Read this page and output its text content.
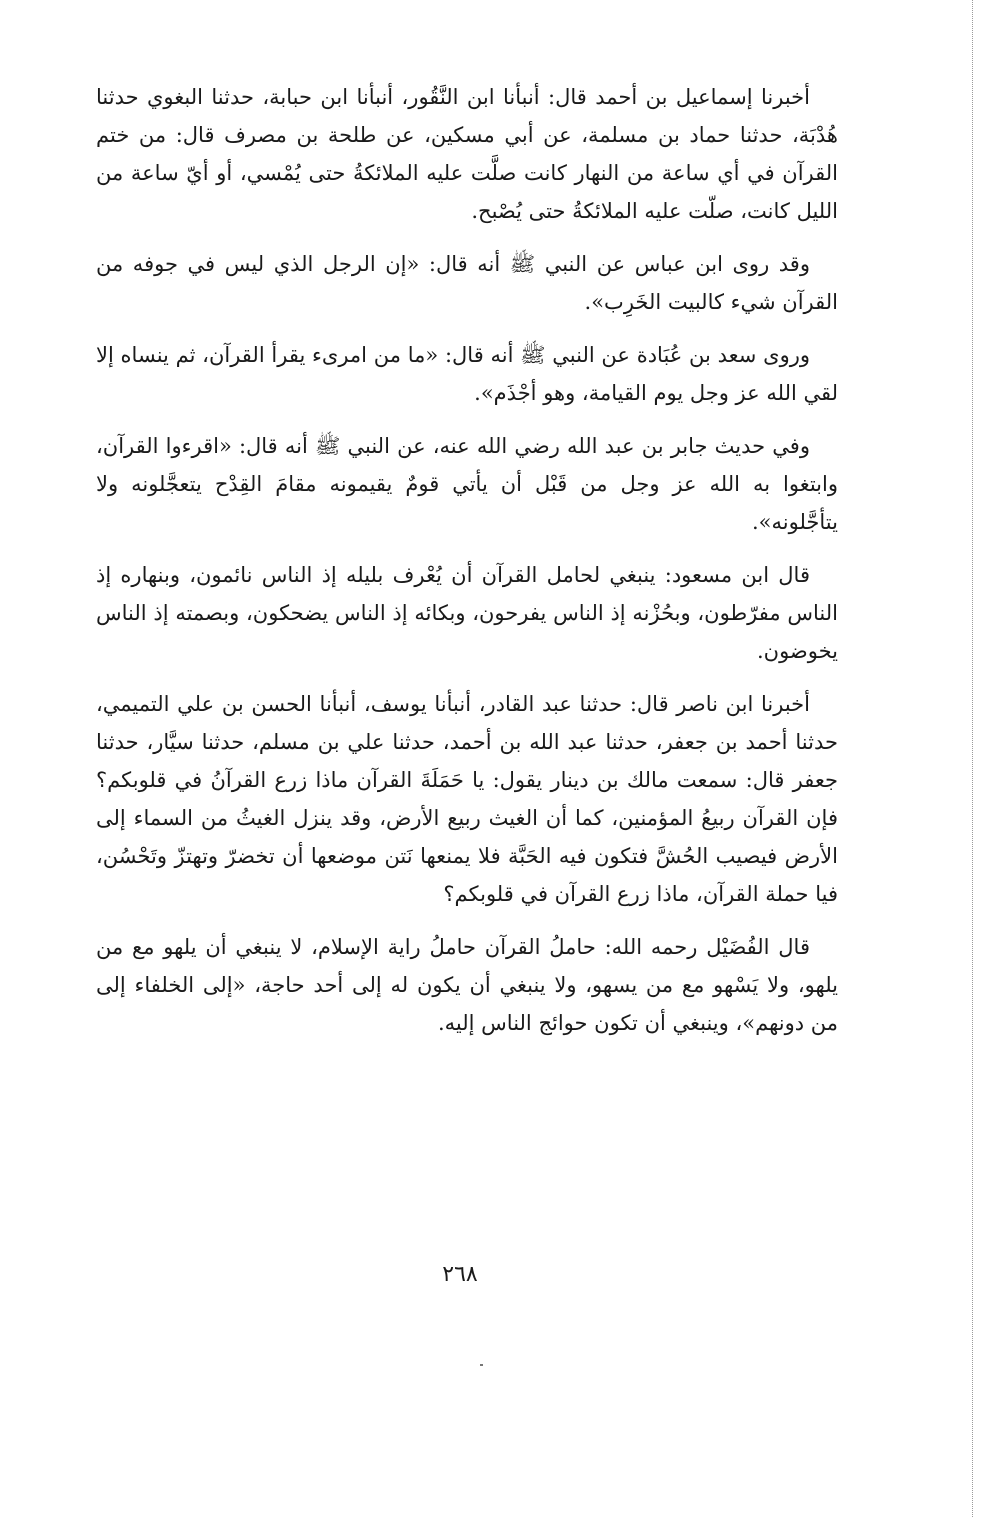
أخبرنا إسماعيل بن أحمد قال: أنبأنا ابن النَّقُور، أنبأنا ابن حبابة، حدثنا البغوي حدثنا هُدْبَة، حدثنا حماد بن مسلمة، عن أبي مسكين، عن طلحة بن مصرف قال: من ختم القرآن في أي ساعة من النهار كانت صلَّت عليه الملائكةُ حتى يُمْسي، أو أيّ ساعة من الليل كانت، صلّت عليه الملائكةُ حتى يُصْبح.

وقد روى ابن عباس عن النبي ﷺ أنه قال: «إن الرجل الذي ليس في جوفه من القرآن شيء كالبيت الخَرِب».

وروى سعد بن عُبَادة عن النبي ﷺ أنه قال: «ما من امرىء يقرأ القرآن، ثم ينساه إلا لقي الله عز وجل يوم القيامة، وهو أجْذَم».

وفي حديث جابر بن عبد الله رضي الله عنه، عن النبي ﷺ أنه قال: «اقرءوا القرآن، وابتغوا به الله عز وجل من قَبْل أن يأتي قومٌ يقيمونه مقامَ القِدْح يتعجَّلونه ولا يتأجَّلونه».

قال ابن مسعود: ينبغي لحامل القرآن أن يُعْرف بليله إذ الناس نائمون، وبنهاره إذ الناس مفرّطون، وبحُزْنه إذ الناس يفرحون، وبكائه إذ الناس يضحكون، وبصمته إذ الناس يخوضون.

أخبرنا ابن ناصر قال: حدثنا عبد القادر، أنبأنا يوسف، أنبأنا الحسن بن علي التميمي، حدثنا أحمد بن جعفر، حدثنا عبد الله بن أحمد، حدثنا علي بن مسلم، حدثنا سيَّار، حدثنا جعفر قال: سمعت مالك بن دينار يقول: يا حَمَلَةَ القرآن ماذا زرع القرآنُ في قلوبكم؟ فإن القرآن ربيعُ المؤمنين، كما أن الغيث ربيع الأرض، وقد ينزل الغيثُ من السماء إلى الأرض فيصيب الحُشَّ فتكون فيه الحَبَّة فلا يمنعها نَتن موضعها أن تخضرّ وتهتزّ وتَحْسُن، فيا حملة القرآن، ماذا زرع القرآن في قلوبكم؟

قال الفُضَيْل رحمه الله: حاملُ القرآن حاملُ راية الإسلام، لا ينبغي أن يلهو مع من يلهو، ولا يَسْهو مع من يسهو، ولا ينبغي أن يكون له إلى أحد حاجة، «إلى الخلفاء إلى من دونهم»، وينبغي أن تكون حوائج الناس إليه.

٢٦٨
